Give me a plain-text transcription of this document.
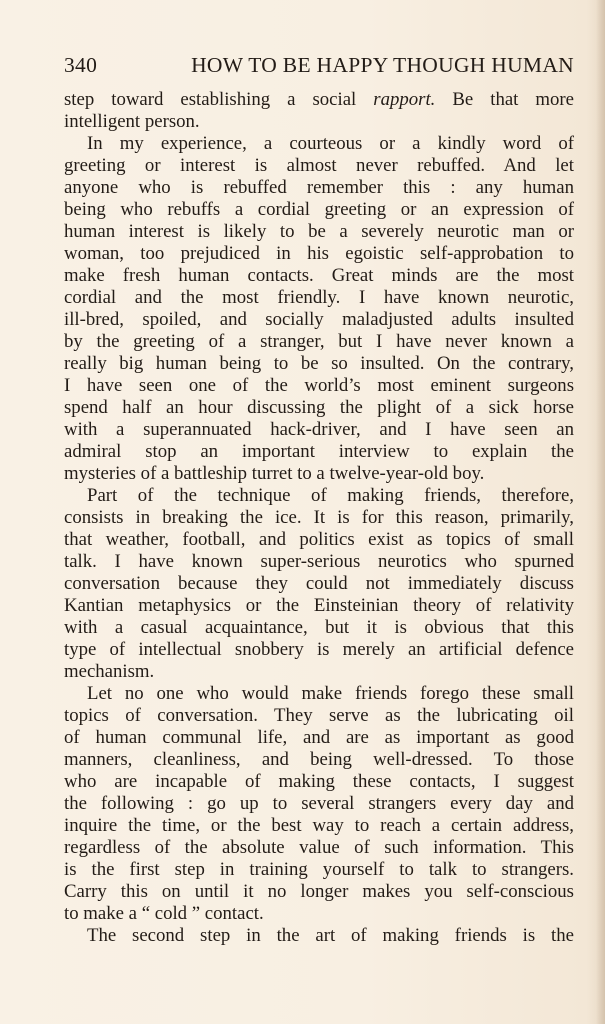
340	HOW TO BE HAPPY THOUGH HUMAN
step toward establishing a social rapport. Be that more
intelligent person.
In my experience, a courteous or a kindly word of
greeting or interest is almost never rebuffed. And let
anyone who is rebuffed remember this : any human
being who rebuffs a cordial greeting or an expression of
human interest is likely to be a severely neurotic man or
woman, too prejudiced in his egoistic self-approbation to
make fresh human contacts. Great minds are the most
cordial and the most friendly. I have known neurotic,
ill-bred, spoiled, and socially maladjusted adults insulted
by the greeting of a stranger, but I have never known a
really big human being to be so insulted. On the contrary,
I have seen one of the world’s most eminent surgeons
spend half an hour discussing the plight of a sick horse
with a superannuated hack-driver, and I have seen an
admiral stop an important interview to explain the
mysteries of a battleship turret to a twelve-year-old boy.
Part of the technique of making friends, therefore,
consists in breaking the ice. It is for this reason, primarily,
that weather, football, and politics exist as topics of small
talk. I have known super-serious neurotics who spurned
conversation because they could not immediately discuss
Kantian metaphysics or the Einsteinian theory of relativity
with a casual acquaintance, but it is obvious that this
type of intellectual snobbery is merely an artificial defence
mechanism.
Let no one who would make friends forego these small
topics of conversation. They serve as the lubricating oil
of human communal life, and are as important as good
manners, cleanliness, and being well-dressed. To those
who are incapable of making these contacts, I suggest
the following : go up to several strangers every day and
inquire the time, or the best way to reach a certain address,
regardless of the absolute value of such information. This
is the first step in training yourself to talk to strangers.
Carry this on until it no longer makes you self-conscious
to make a “ cold ” contact.
The second step in the art of making friends is the
